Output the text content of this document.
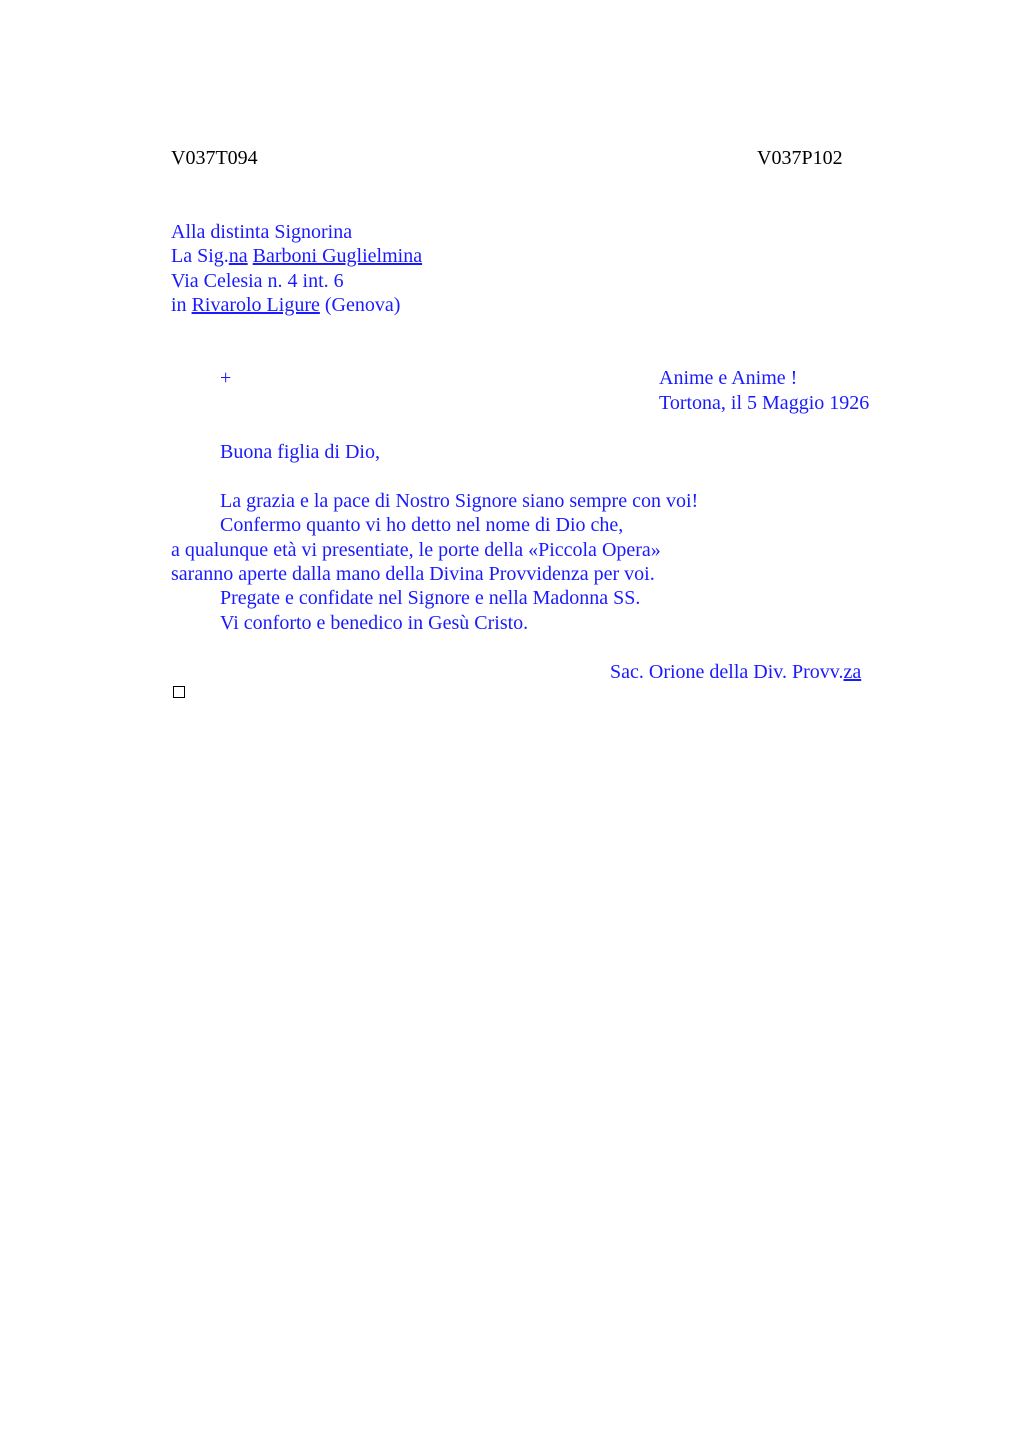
V037T094	V037P102
Alla distinta Signorina
La Sig.na Barboni Guglielmina
Via Celesia n. 4 int. 6
in Rivarolo Ligure (Genova)
+	Anime e Anime !
Tortona, il 5 Maggio 1926
Buona figlia di Dio,
La grazia e la pace di Nostro Signore siano sempre con voi!
Confermo quanto vi ho detto nel nome di Dio che,
a qualunque età vi presentiate, le porte della «Piccola Opera»
saranno aperte dalla mano della Divina Provvidenza per voi.
Pregate e confidate nel Signore e nella Madonna SS.
Vi conforto e benedico in Gesù Cristo.
Sac. Orione della Div. Provv.za
